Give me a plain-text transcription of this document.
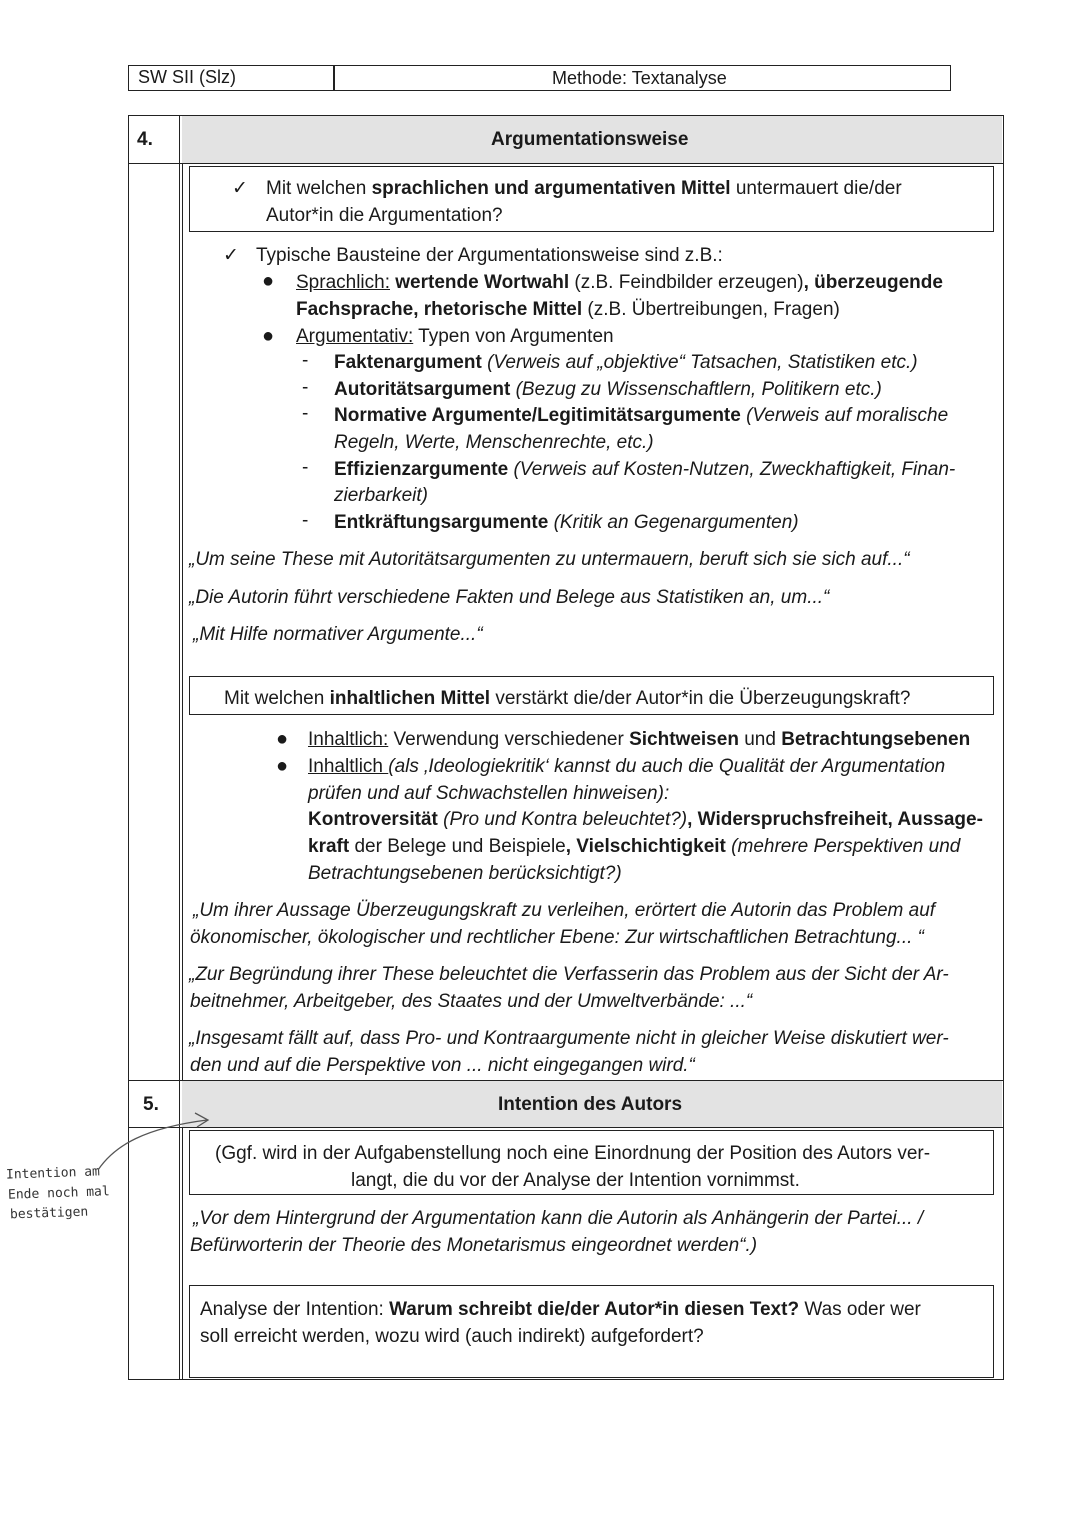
SW SII (Slz)	Methode: Textanalyse
4.	Argumentationsweise
✓ Mit welchen sprachlichen und argumentativen Mittel untermauert die/der
Autor*in die Argumentation?
✓ Typische Bausteine der Argumentationsweise sind z.B.:
● Sprachlich: wertende Wortwahl (z.B. Feindbilder erzeugen), überzeugende
Fachsprache, rhetorische Mittel (z.B. Übertreibungen, Fragen)
● Argumentativ: Typen von Argumenten
- Faktenargument (Verweis auf „objektive“ Tatsachen, Statistiken etc.)
- Autoritätsargument (Bezug zu Wissenschaftlern, Politikern etc.)
- Normative Argumente/Legitimitätsargumente (Verweis auf moralische
Regeln, Werte, Menschenrechte, etc.)
- Effizienzargumente (Verweis auf Kosten-Nutzen, Zweckhaftigkeit, Finan-
zierbarkeit)
- Entkräftungsargumente (Kritik an Gegenargumenten)
„Um seine These mit Autoritätsargumenten zu untermauern, beruft sich sie sich auf...“
„Die Autorin führt verschiedene Fakten und Belege aus Statistiken an, um...“
„Mit Hilfe normativer Argumente...“
Mit welchen inhaltlichen Mittel verstärkt die/der Autor*in die Überzeugungskraft?
● Inhaltlich: Verwendung verschiedener Sichtweisen und Betrachtungsebenen
● Inhaltlich (als ‚Ideologiekritik‘ kannst du auch die Qualität der Argumentation
prüfen und auf Schwachstellen hinweisen):
Kontroversität (Pro und Kontra beleuchtet?), Widerspruchsfreiheit, Aussage-
kraft der Belege und Beispiele, Vielschichtigkeit (mehrere Perspektiven und
Betrachtungsebenen berücksichtigt?)
„Um ihrer Aussage Überzeugungskraft zu verleihen, erörtert die Autorin das Problem auf
ökonomischer, ökologischer und rechtlicher Ebene: Zur wirtschaftlichen Betrachtung... “
„Zur Begründung ihrer These beleuchtet die Verfasserin das Problem aus der Sicht der Ar-
beitnehmer, Arbeitgeber, des Staates und der Umweltverbände: ...“
„Insgesamt fällt auf, dass Pro- und Kontraargumente nicht in gleicher Weise diskutiert wer-
den und auf die Perspektive von ... nicht eingegangen wird.“
5.	Intention des Autors
(Ggf. wird in der Aufgabenstellung noch eine Einordnung der Position des Autors ver-
langt, die du vor der Analyse der Intention vornimmst.
„Vor dem Hintergrund der Argumentation kann die Autorin als Anhängerin der Partei... /
Befürworterin der Theorie des Monetarismus eingeordnet werden“.)
Analyse der Intention: Warum schreibt die/der Autor*in diesen Text? Was oder wer
soll erreicht werden, wozu wird (auch indirekt) aufgefordert?
Intention am
Ende noch mal
bestätigen
